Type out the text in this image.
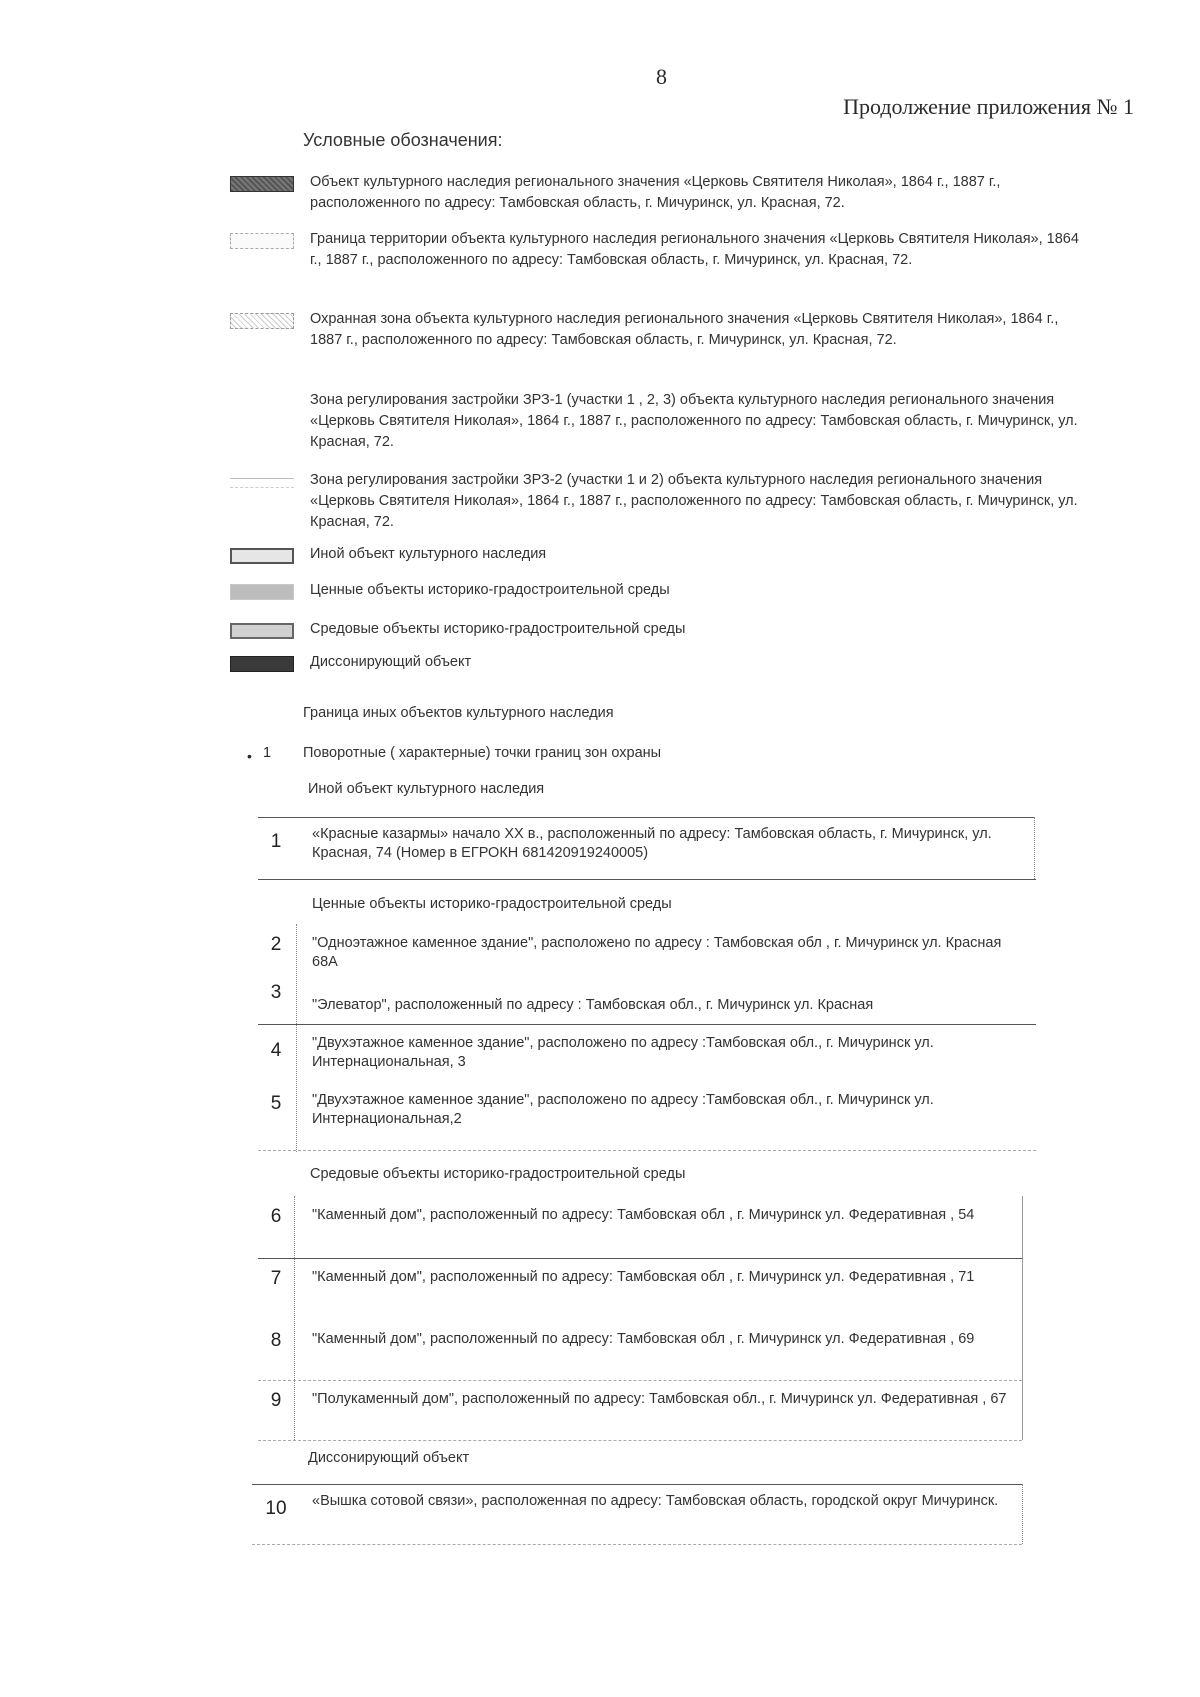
8
Продолжение приложения № 1
Условные обозначения:
Объект культурного наследия регионального значения «Церковь Святителя Николая», 1864 г., 1887 г., расположенного по адресу: Тамбовская область, г. Мичуринск, ул. Красная, 72.
Граница территории объекта культурного наследия регионального значения «Церковь Святителя Николая», 1864 г., 1887 г., расположенного по адресу: Тамбовская область, г. Мичуринск, ул. Красная, 72.
Охранная зона объекта культурного наследия регионального значения «Церковь Святителя Николая», 1864 г., 1887 г., расположенного по адресу: Тамбовская область, г. Мичуринск, ул. Красная, 72.
Зона регулирования застройки ЗРЗ-1 (участки 1 , 2, 3) объекта культурного наследия регионального значения «Церковь Святителя Николая», 1864 г., 1887 г., расположенного по адресу: Тамбовская область, г. Мичуринск, ул. Красная, 72.
Зона регулирования застройки ЗРЗ-2 (участки 1 и 2) объекта культурного наследия регионального значения «Церковь Святителя Николая», 1864 г., 1887 г., расположенного по адресу: Тамбовская область, г. Мичуринск, ул. Красная, 72.
Иной объект культурного наследия
Ценные объекты историко-градостроительной среды
Средовые объекты историко-градостроительной среды
Диссонирующий объект
Граница иных объектов культурного наследия
• 1 Поворотные ( характерные) точки границ зон охраны
Иной объект культурного наследия
1	«Красные казармы» начало XX в., расположенный по адресу: Тамбовская область, г. Мичуринск, ул. Красная, 74 (Номер в ЕГРОКН 681420919240005)
Ценные объекты историко-градостроительной среды
2	"Одноэтажное каменное здание", расположено по адресу : Тамбовская обл , г. Мичуринск ул. Красная 68А
3
"Элеватор", расположенный по адресу : Тамбовская обл., г. Мичуринск ул. Красная
4	"Двухэтажное каменное здание", расположено по адресу :Тамбовская обл., г. Мичуринск ул. Интернациональная, 3
5	"Двухэтажное каменное здание", расположено по адресу :Тамбовская обл., г. Мичуринск ул. Интернациональная,2
Средовые объекты историко-градостроительной среды
6	"Каменный дом", расположенный по адресу: Тамбовская обл , г. Мичуринск ул. Федеративная , 54
7	"Каменный дом", расположенный по адресу: Тамбовская обл , г. Мичуринск ул. Федеративная , 71
8	"Каменный дом", расположенный по адресу: Тамбовская обл , г. Мичуринск ул. Федеративная , 69
9	"Полукаменный дом", расположенный по адресу: Тамбовская обл., г. Мичуринск ул. Федеративная , 67
Диссонирующий объект
10	«Вышка сотовой связи», расположенная по адресу: Тамбовская область, городской округ Мичуринск.
